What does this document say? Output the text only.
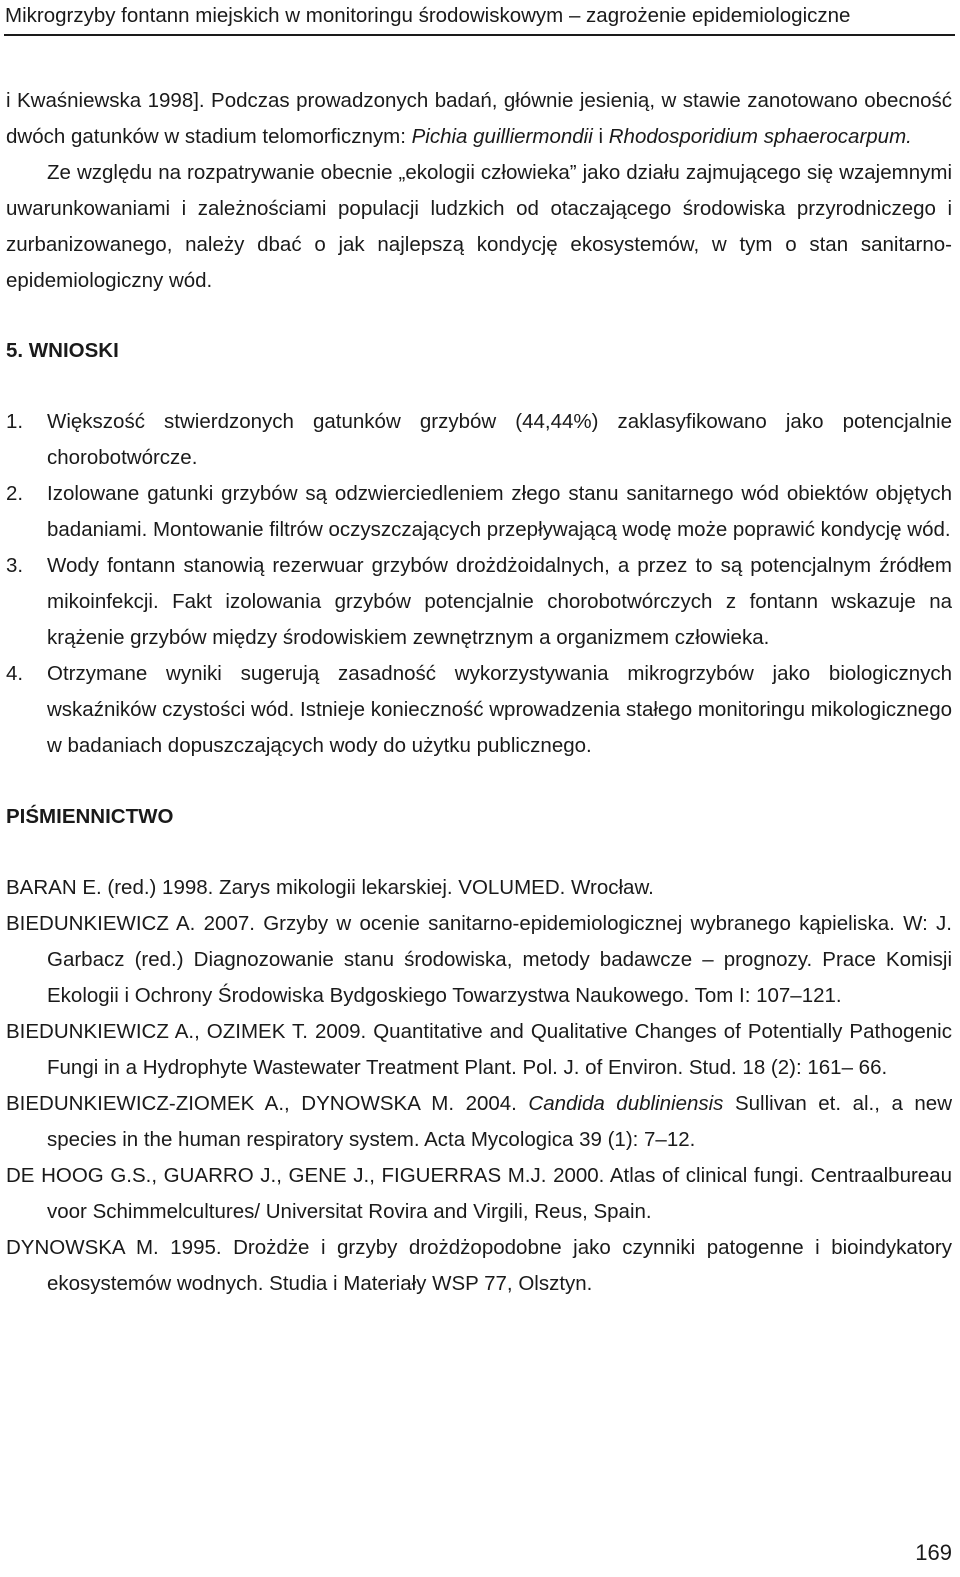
Mikrogrzyby fontann miejskich w monitoringu środowiskowym – zagrożenie epidemiologiczne

i Kwaśniewska 1998]. Podczas prowadzonych badań, głównie jesienią, w stawie zanotowano obecność dwóch gatunków w stadium telomorficznym: Pichia guilliermondii i Rhodosporidium sphaerocarpum.

Ze względu na rozpatrywanie obecnie „ekologii człowieka” jako działu zajmującego się wzajemnymi uwarunkowaniami i zależnościami populacji ludzkich od otaczającego środowiska przyrodniczego i zurbanizowanego, należy dbać o jak najlepszą kondycję ekosystemów, w tym o stan sanitarno-epidemiologiczny wód.

5. WNIOSKI

1. Większość stwierdzonych gatunków grzybów (44,44%) zaklasyfikowano jako potencjalnie chorobotwórcze.
2. Izolowane gatunki grzybów są odzwierciedleniem złego stanu sanitarnego wód obiektów objętych badaniami. Montowanie filtrów oczyszczających przepływającą wodę może poprawić kondycję wód.
3. Wody fontann stanowią rezerwuar grzybów drożdżoidalnych, a przez to są potencjalnym źródłem mikoinfekcji. Fakt izolowania grzybów potencjalnie chorobotwórczych z fontann wskazuje na krążenie grzybów między środowiskiem zewnętrznym a organizmem człowieka.
4. Otrzymane wyniki sugerują zasadność wykorzystywania mikrogrzybów jako biologicznych wskaźników czystości wód. Istnieje konieczność wprowadzenia stałego monitoringu mikologicznego w badaniach dopuszczających wody do użytku publicznego.

PIŚMIENNICTWO

BARAN E. (red.) 1998. Zarys mikologii lekarskiej. VOLUMED. Wrocław.

BIEDUNKIEWICZ A. 2007. Grzyby w ocenie sanitarno-epidemiologicznej wybranego kąpieliska. W: J. Garbacz (red.) Diagnozowanie stanu środowiska, metody badawcze – prognozy. Prace Komisji Ekologii i Ochrony Środowiska Bydgoskiego Towarzystwa Naukowego. Tom I: 107–121.

BIEDUNKIEWICZ A., OZIMEK T. 2009. Quantitative and Qualitative Changes of Potentially Pathogenic Fungi in a Hydrophyte Wastewater Treatment Plant. Pol. J. of Environ. Stud. 18 (2): 161– 66.

BIEDUNKIEWICZ-ZIOMEK A., DYNOWSKA M. 2004. Candida dubliniensis Sullivan et. al., a new species in the human respiratory system. Acta Mycologica 39 (1): 7–12.

DE HOOG G.S., GUARRO J., GENE J., FIGUERRAS M.J. 2000. Atlas of clinical fungi. Centraalbureau voor Schimmelcultures/ Universitat Rovira and Virgili, Reus, Spain.

DYNOWSKA M. 1995. Drożdże i grzyby drożdżopodobne jako czynniki patogenne i bioindykatory ekosystemów wodnych. Studia i Materiały WSP 77, Olsztyn.

169
